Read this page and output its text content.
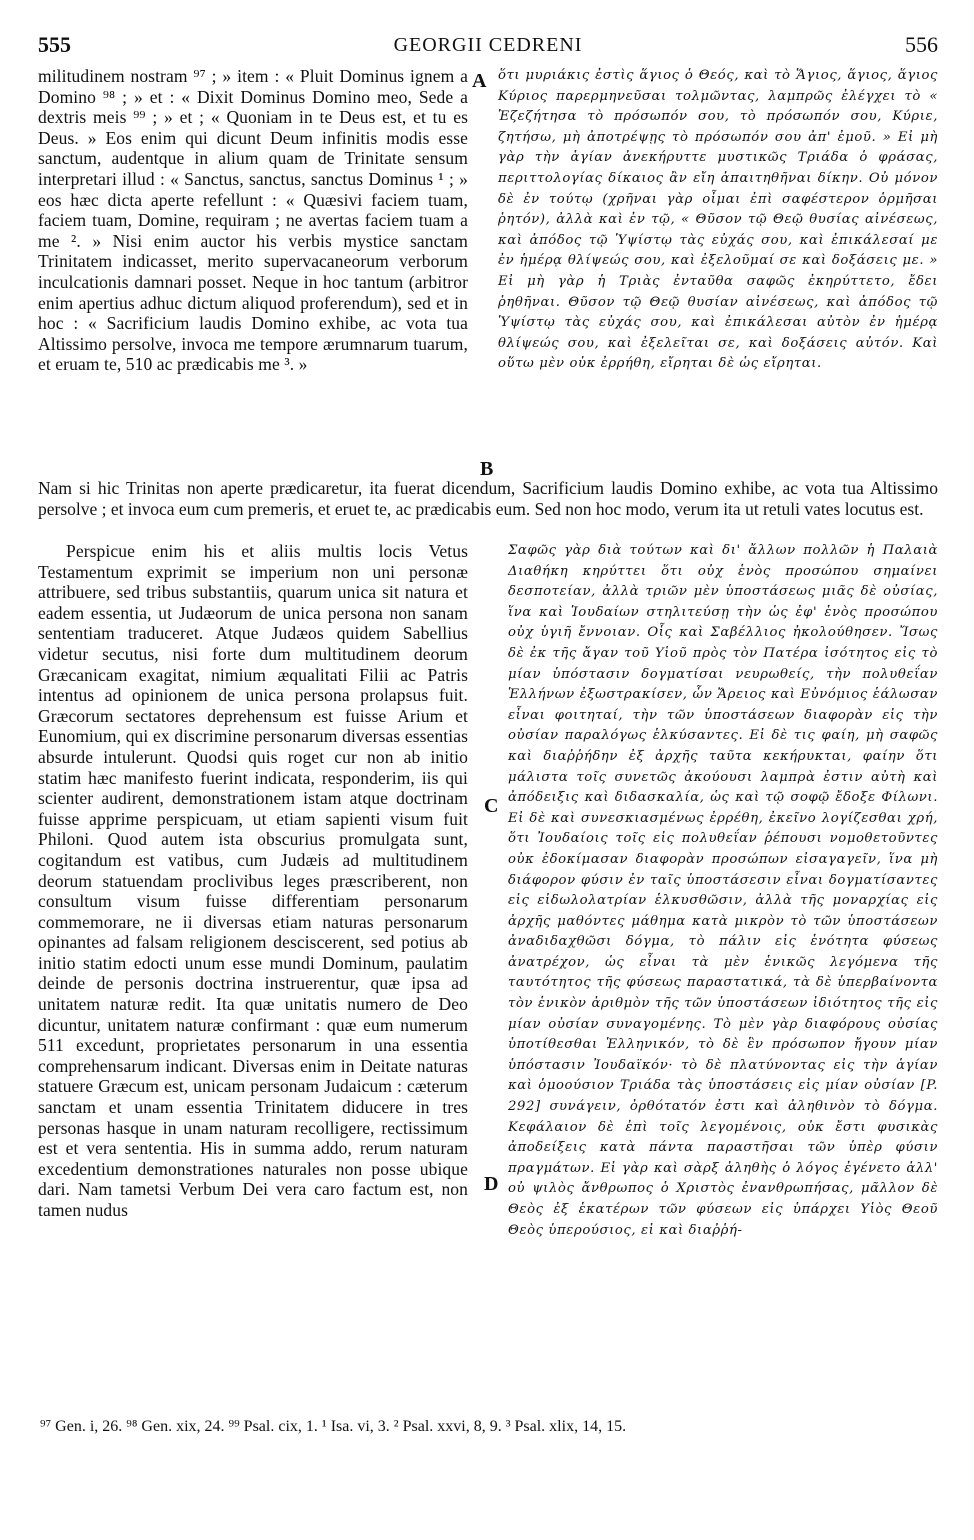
555	GEORGII CEDRENI	556

militudinem nostram ⁹⁷ ; » item : « Pluit Dominus ignem a Domino ⁹⁸ ; » et : « Dixit Dominus Domino meo, Sede a dextris meis ⁹⁹ ; » et ; « Quoniam in te Deus est, et tu es Deus. » Eos enim qui dicunt Deum infinitis modis esse sanctum, audentque in alium quam de Trinitate sensum interpretari illud : « Sanctus, sanctus, sanctus Dominus ¹ ; » eos hæc dicta aperte refellunt : « Quæsivi faciem tuam, faciem tuam, Domine, requiram ; ne avertas faciem tuam a me ². » Nisi enim auctor his verbis mystice sanctam Trinitatem indicasset, merito supervacaneorum verborum inculcationis damnari posset. Neque in hoc tantum (arbitror enim apertius adhuc dictum aliquod proferendum), sed et in hoc : « Sacrificium laudis Domino exhibe, ac vota tua Altissimo persolve, invoca me tempore ærumnarum tuarum, et eruam te, 510 ac prædicabis me ³. »

A ὅτι μυριάκις ἐστὶς ἅγιος ὁ Θεός, καὶ τὸ Ἅγιος, ἅγιος, ἅγιος Κύριος παρερμηνεῦσαι τολμῶντας, λαμπρῶς ἐλέγχει τὸ « Ἐζεζήτησα τὸ πρόσωπόν σου, τὸ πρόσωπόν σου, Κύριε, ζητήσω, μὴ ἀποτρέψῃς τὸ πρόσωπόν σου ἀπ' ἐμοῦ. » Εἰ μὴ γὰρ τὴν ἁγίαν ἀνεκήρυττε μυστικῶς Τριάδα ὁ φράσας, περιττολογίας δίκαιος ἂν εἴη ἀπαιτηθῆναι δίκην. Οὐ μόνον δὲ ἐν τούτῳ (χρῆναι γὰρ οἶμαι ἐπὶ σαφέστερον ὁρμῆσαι ῥητόν), ἀλλὰ καὶ ἐν τῷ, « Θῦσον τῷ Θεῷ θυσίας αἰνέσεως, καὶ ἀπόδος τῷ Ὑψίστῳ τὰς εὐχάς σου, καὶ ἐπικάλεσαί με ἐν ἡμέρᾳ θλίψεώς σου, καὶ ἐξελοῦμαί σε καὶ δοξάσεις με. » Εἰ μὴ γὰρ ἡ Τριὰς ἐνταῦθα σαφῶς ἐκηρύττετο, ἔδει ῥηθῆναι. Θῦσον τῷ Θεῷ θυσίαν αἰνέσεως, καὶ ἀπόδος τῷ Ὑψίστῳ τὰς εὐχάς σου, καὶ ἐπικάλεσαι αὐτὸν ἐν ἡμέρᾳ θλίψεώς σου, καὶ ἐξελεῖται σε, καὶ δοξάσεις αὐτόν. Καὶ οὕτω μὲν οὐκ ἐρρήθη, εἴρηται δὲ ὡς εἴρηται.

B

Nam si hic Trinitas non aperte prædicaretur, ita fuerat dicendum, Sacrificium laudis Domino exhibe, ac vota tua Altissimo persolve ; et invoca eum cum premeris, et eruet te, ac prædicabis eum. Sed non hoc modo, verum ita ut retuli vates locutus est.

Perspicue enim his et aliis multis locis Vetus Testamentum exprimit se imperium non uni personæ attribuere, sed tribus substantiis, quarum unica sit natura et eadem essentia, ut Judæorum de unica persona non sanam sententiam traduceret. Atque Judæos quidem Sabellius videtur secutus, nisi forte dum multitudinem deorum Græcanicam exagitat, nimium æqualitati Filii ac Patris intentus ad opinionem de unica persona prolapsus fuit. Græcorum sectatores deprehensum est fuisse Arium et Eunomium, qui ex discrimine personarum diversas essentias absurde intulerunt. Quodsi quis roget cur non ab initio statim hæc manifesto fuerint indicata, responderim, iis qui scienter audirent, demonstrationem istam atque doctrinam fuisse apprime perspicuam, ut etiam sapienti visum fuit Philoni. Quod autem ista obscurius promulgata sunt, cogitandum est vatibus, cum Judæis ad multitudinem deorum statuendam proclivibus leges præscriberent, non consultum visum fuisse differentiam personarum commemorare, ne ii diversas etiam naturas personarum opinantes ad falsam religionem desciscerent, sed potius ab initio statim edocti unum esse mundi Dominum, paulatim deinde de personis doctrina instruerentur, quæ ipsa ad unitatem naturæ redit. Ita quæ unitatis numero de Deo dicuntur, unitatem naturæ confirmant : quæ eum numerum 511 excedunt, proprietates personarum in una essentia comprehensarum indicant. Diversas enim in Deitate naturas statuere Græcum est, unicam personam Judaicum : cæterum sanctam et unam essentia Trinitatem diducere in tres personas hasque in unam naturam recolligere, rectissimum est et vera sententia. His in summa addo, rerum naturam excedentium demonstrationes naturales non posse ubique dari. Nam tametsi Verbum Dei vera caro factum est, non tamen nudus

C
D

Σαφῶς γὰρ διὰ τούτων καὶ δι' ἄλλων πολλῶν ἡ Παλαιὰ Διαθήκη κηρύττει ὅτι οὐχ ἑνὸς προσώπου σημαίνει δεσποτείαν, ἀλλὰ τριῶν μὲν ὑποστάσεως μιᾶς δὲ οὐσίας, ἵνα καὶ Ἰουδαίων στηλιτεύσῃ τὴν ὡς ἐφ' ἑνὸς προσώπου οὐχ ὑγιῆ ἔννοιαν. Οἷς καὶ Σαβέλλιος ἠκολούθησεν. Ἴσως δὲ ἐκ τῆς ἄγαν τοῦ Υἱοῦ πρὸς τὸν Πατέρα ἰσότητος εἰς τὸ μίαν ὑπόστασιν δογματίσαι νευρωθείς, τὴν πολυθεΐαν Ἑλλήνων ἐξωστρακίσεν, ὧν Ἄρειος καὶ Εὐνόμιος ἑάλωσαν εἶναι φοιτηταί, τὴν τῶν ὑποστάσεων διαφορὰν εἰς τὴν οὐσίαν παραλόγως ἑλκύσαντες. Εἰ δὲ τις φαίη, μὴ σαφῶς καὶ διαῤῥήδην ἐξ ἀρχῆς ταῦτα κεκήρυκται, φαίην ὅτι μάλιστα τοῖς συνετῶς ἀκούουσι λαμπρὰ ἐστιν αὐτὴ καὶ ἀπόδειξις καὶ διδασκαλία, ὡς καὶ τῷ σοφῷ ἔδοξε Φίλωνι. Εἰ δὲ καὶ συνεσκιασμένως ἐρρέθη, ἐκεῖνο λογίζεσθαι χρή, ὅτι Ἰουδαίοις τοῖς εἰς πολυθεΐαν ῥέπουσι νομοθετοῦντες οὐκ ἐδοκίμασαν διαφορὰν προσώπων εἰσαγαγεῖν, ἵνα μὴ διάφορον φύσιν ἐν ταῖς ὑποστάσεσιν εἶναι δογματίσαντες εἰς εἰδωλολατρίαν ἑλκυσθῶσιν, ἀλλὰ τῆς μοναρχίας εἰς ἀρχῆς μαθόντες μάθημα κατὰ μικρὸν τὸ τῶν ὑποστάσεων ἀναδιδαχθῶσι δόγμα, τὸ πάλιν εἰς ἑνότητα φύσεως ἀνατρέχον, ὡς εἶναι τὰ μὲν ἑνικῶς λεγόμενα τῆς ταυτότητος τῆς φύσεως παραστατικά, τὰ δὲ ὑπερβαίνοντα τὸν ἑνικὸν ἀριθμὸν τῆς τῶν ὑποστάσεων ἰδιότητος τῆς εἰς μίαν οὐσίαν συναγομένης. Τὸ μὲν γὰρ διαφόρους οὐσίας ὑποτίθεσθαι Ἑλληνικόν, τὸ δὲ ἓν πρόσωπον ἤγουν μίαν ὑπόστασιν Ἰουδαϊκόν· τὸ δὲ πλατύνοντας εἰς τὴν ἁγίαν καὶ ὁμοούσιον Τριάδα τὰς ὑποστάσεις εἰς μίαν οὐσίαν [P. 292] συνάγειν, ὀρθότατόν ἐστι καὶ ἀληθινὸν τὸ δόγμα. Κεφάλαιον δὲ ἐπὶ τοῖς λεγομένοις, οὐκ ἔστι φυσικὰς ἀποδείξεις κατὰ πάντα παραστῆσαι τῶν ὑπὲρ φύσιν πραγμάτων. Εἰ γὰρ καὶ σὰρξ ἀληθὴς ὁ λόγος ἐγένετο ἀλλ' οὐ ψιλὸς ἄνθρωπος ὁ Χριστὸς ἐνανθρωπήσας, μᾶλλον δὲ Θεὸς ἐξ ἑκατέρων τῶν φύσεων εἰς ὑπάρχει Υἱὸς Θεοῦ Θεὸς ὑπερούσιος, εἰ καὶ διαῤῥή-

⁹⁷ Gen. i, 26. ⁹⁸ Gen. xix, 24. ⁹⁹ Psal. cix, 1. ¹ Isa. vi, 3. ² Psal. xxvi, 8, 9. ³ Psal. xlix, 14, 15.
